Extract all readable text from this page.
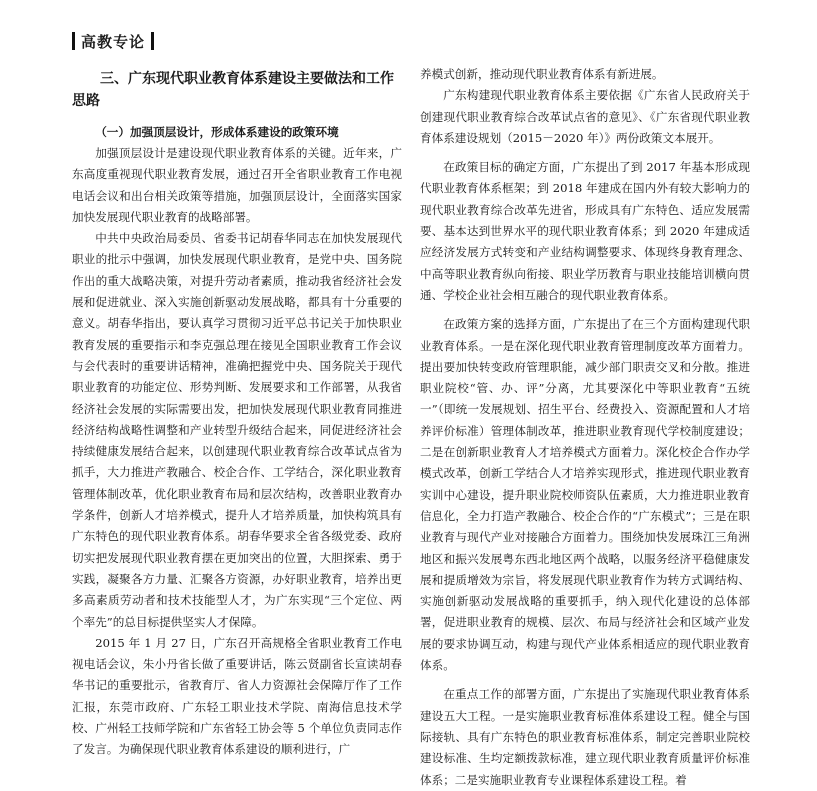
高教专论
三、广东现代职业教育体系建设主要做法和工作思路
（一）加强顶层设计，形成体系建设的政策环境

加强顶层设计是建设现代职业教育体系的关键。近年来，广东高度重视现代职业教育发展，通过召开全省职业教育工作电视电话会议和出台相关政策等措施，加强顶层设计，全面落实国家加快发展现代职业教育的战略部署。

中共中央政治局委员、省委书记胡春华同志在加快发展现代职业的批示中强调，加快发展现代职业教育，是党中央、国务院作出的重大战略决策，对提升劳动者素质，推动我省经济社会发展和促进就业、深入实施创新驱动发展战略，都具有十分重要的意义。胡春华指出，要认真学习贯彻习近平总书记关于加快职业教育发展的重要指示和李克强总理在接见全国职业教育工作会议与会代表时的重要讲话精神，准确把握党中央、国务院关于现代职业教育的功能定位、形势判断、发展要求和工作部署，从我省经济社会发展的实际需要出发，把加快发展现代职业教育同推进经济结构战略性调整和产业转型升级结合起来，同促进经济社会持续健康发展结合起来，以创建现代职业教育综合改革试点省为抓手，大力推进产教融合、校企合作、工学结合，深化职业教育管理体制改革，优化职业教育布局和层次结构，改善职业教育办学条件，创新人才培养模式，提升人才培养质量，加快构筑具有广东特色的现代职业教育体系。胡春华要求全省各级党委、政府切实把发展现代职业教育摆在更加突出的位置，大胆探索、勇于实践，凝聚各方力量、汇聚各方资源，办好职业教育，培养出更多高素质劳动者和技术技能型人才，为广东实现“三个定位、两个率先”的总目标提供坚实人才保障。

2015 年 1 月 27 日，广东召开高规格全省职业教育工作电视电话会议，朱小丹省长做了重要讲话，陈云贤副省长宣读胡春华书记的重要批示，省教育厅、省人力资源社会保障厅作了工作汇报，东莞市政府、广东轻工职业技术学院、南海信息技术学校、广州轻工技师学院和广东省轻工协会等 5 个单位负责同志作了发言。为确保现代职业教育体系建设的顺利进行，广

养模式创新，推动现代职业教育体系有新进展。

广东构建现代职业教育体系主要依据《广东省人民政府关于创建现代职业教育综合改革试点省的意见》、《广东省现代职业教育体系建设规划（2015－2020 年）》两份政策文本展开。

在政策目标的确定方面，广东提出了到 2017 年基本形成现代职业教育体系框架；到 2018 年建成在国内外有较大影响力的现代职业教育综合改革先进省，形成具有广东特色、适应发展需要、基本达到世界水平的现代职业教育体系；到 2020 年建成适应经济发展方式转变和产业结构调整要求、体现终身教育理念、中高等职业教育纵向衔接、职业学历教育与职业技能培训横向贯通、学校企业社会相互融合的现代职业教育体系。

在政策方案的选择方面，广东提出了在三个方面构建现代职业教育体系。一是在深化现代职业教育管理制度改革方面着力。提出要加快转变政府管理职能，减少部门职责交叉和分散。推进职业院校“管、办、评”分离，尤其要深化中等职业教育“五统一”（即统一发展规划、招生平台、经费投入、资源配置和人才培养评价标准）管理体制改革，推进职业教育现代学校制度建设；二是在创新职业教育人才培养模式方面着力。深化校企合作办学模式改革，创新工学结合人才培养实现形式，推进现代职业教育实训中心建设，提升职业院校师资队伍素质，大力推进职业教育信息化，全力打造产教融合、校企合作的“广东模式”；三是在职业教育与现代产业对接融合方面着力。围绕加快发展珠江三角洲地区和振兴发展粤东西北地区两个战略，以服务经济平稳健康发展和提质增效为宗旨，将发展现代职业教育作为转方式调结构、实施创新驱动发展战略的重要抓手，纳入现代化建设的总体部署，促进职业教育的规模、层次、布局与经济社会和区域产业发展的要求协调互动，构建与现代产业体系相适应的现代职业教育体系。

在重点工作的部署方面，广东提出了实施现代职业教育体系建设五大工程。一是实施职业教育标准体系建设工程。健全与国际接轨、具有广东特色的职业教育标准体系，制定完善职业院校建设标准、生均定额拨款标准，建立现代职业教育质量评价标准体系；二是实施职业教育专业课程体系建设工程。着
